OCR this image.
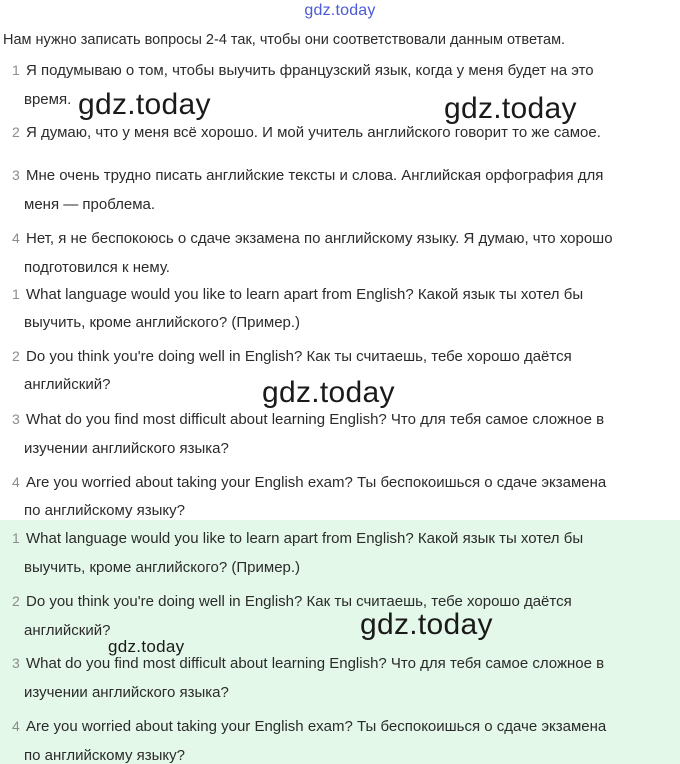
gdz.today
Нам нужно записать вопросы 2-4 так, чтобы они соответствовали данным ответам.
1 Я подумываю о том, чтобы выучить французский язык, когда у меня будет на это
время.
2 Я думаю, что у меня всё хорошо. И мой учитель английского говорит то же самое.
3 Мне очень трудно писать английские тексты и слова. Английская орфография для
меня — проблема.
4 Нет, я не беспокоюсь о сдаче экзамена по английскому языку. Я думаю, что хорошо
подготовился к нему.
1 What language would you like to learn apart from English? Какой язык ты хотел бы
выучить, кроме английского? (Пример.)
2 Do you think you're doing well in English? Как ты считаешь, тебе хорошо даётся
английский?
3 What do you find most difficult about learning English? Что для тебя самое сложное в
изучении английского языка?
4 Are you worried about taking your English exam? Ты беспокоишься о сдаче экзамена
по английскому языку?
1 What language would you like to learn apart from English? Какой язык ты хотел бы
выучить, кроме английского? (Пример.)
2 Do you think you're doing well in English? Как ты считаешь, тебе хорошо даётся
английский?
3 What do you find most difficult about learning English? Что для тебя самое сложное в
изучении английского языка?
4 Are you worried about taking your English exam? Ты беспокоишься о сдаче экзамена
по английскому языку?
gdz.today	gdz.today
gdz.today
gdz.today
gdz.today
